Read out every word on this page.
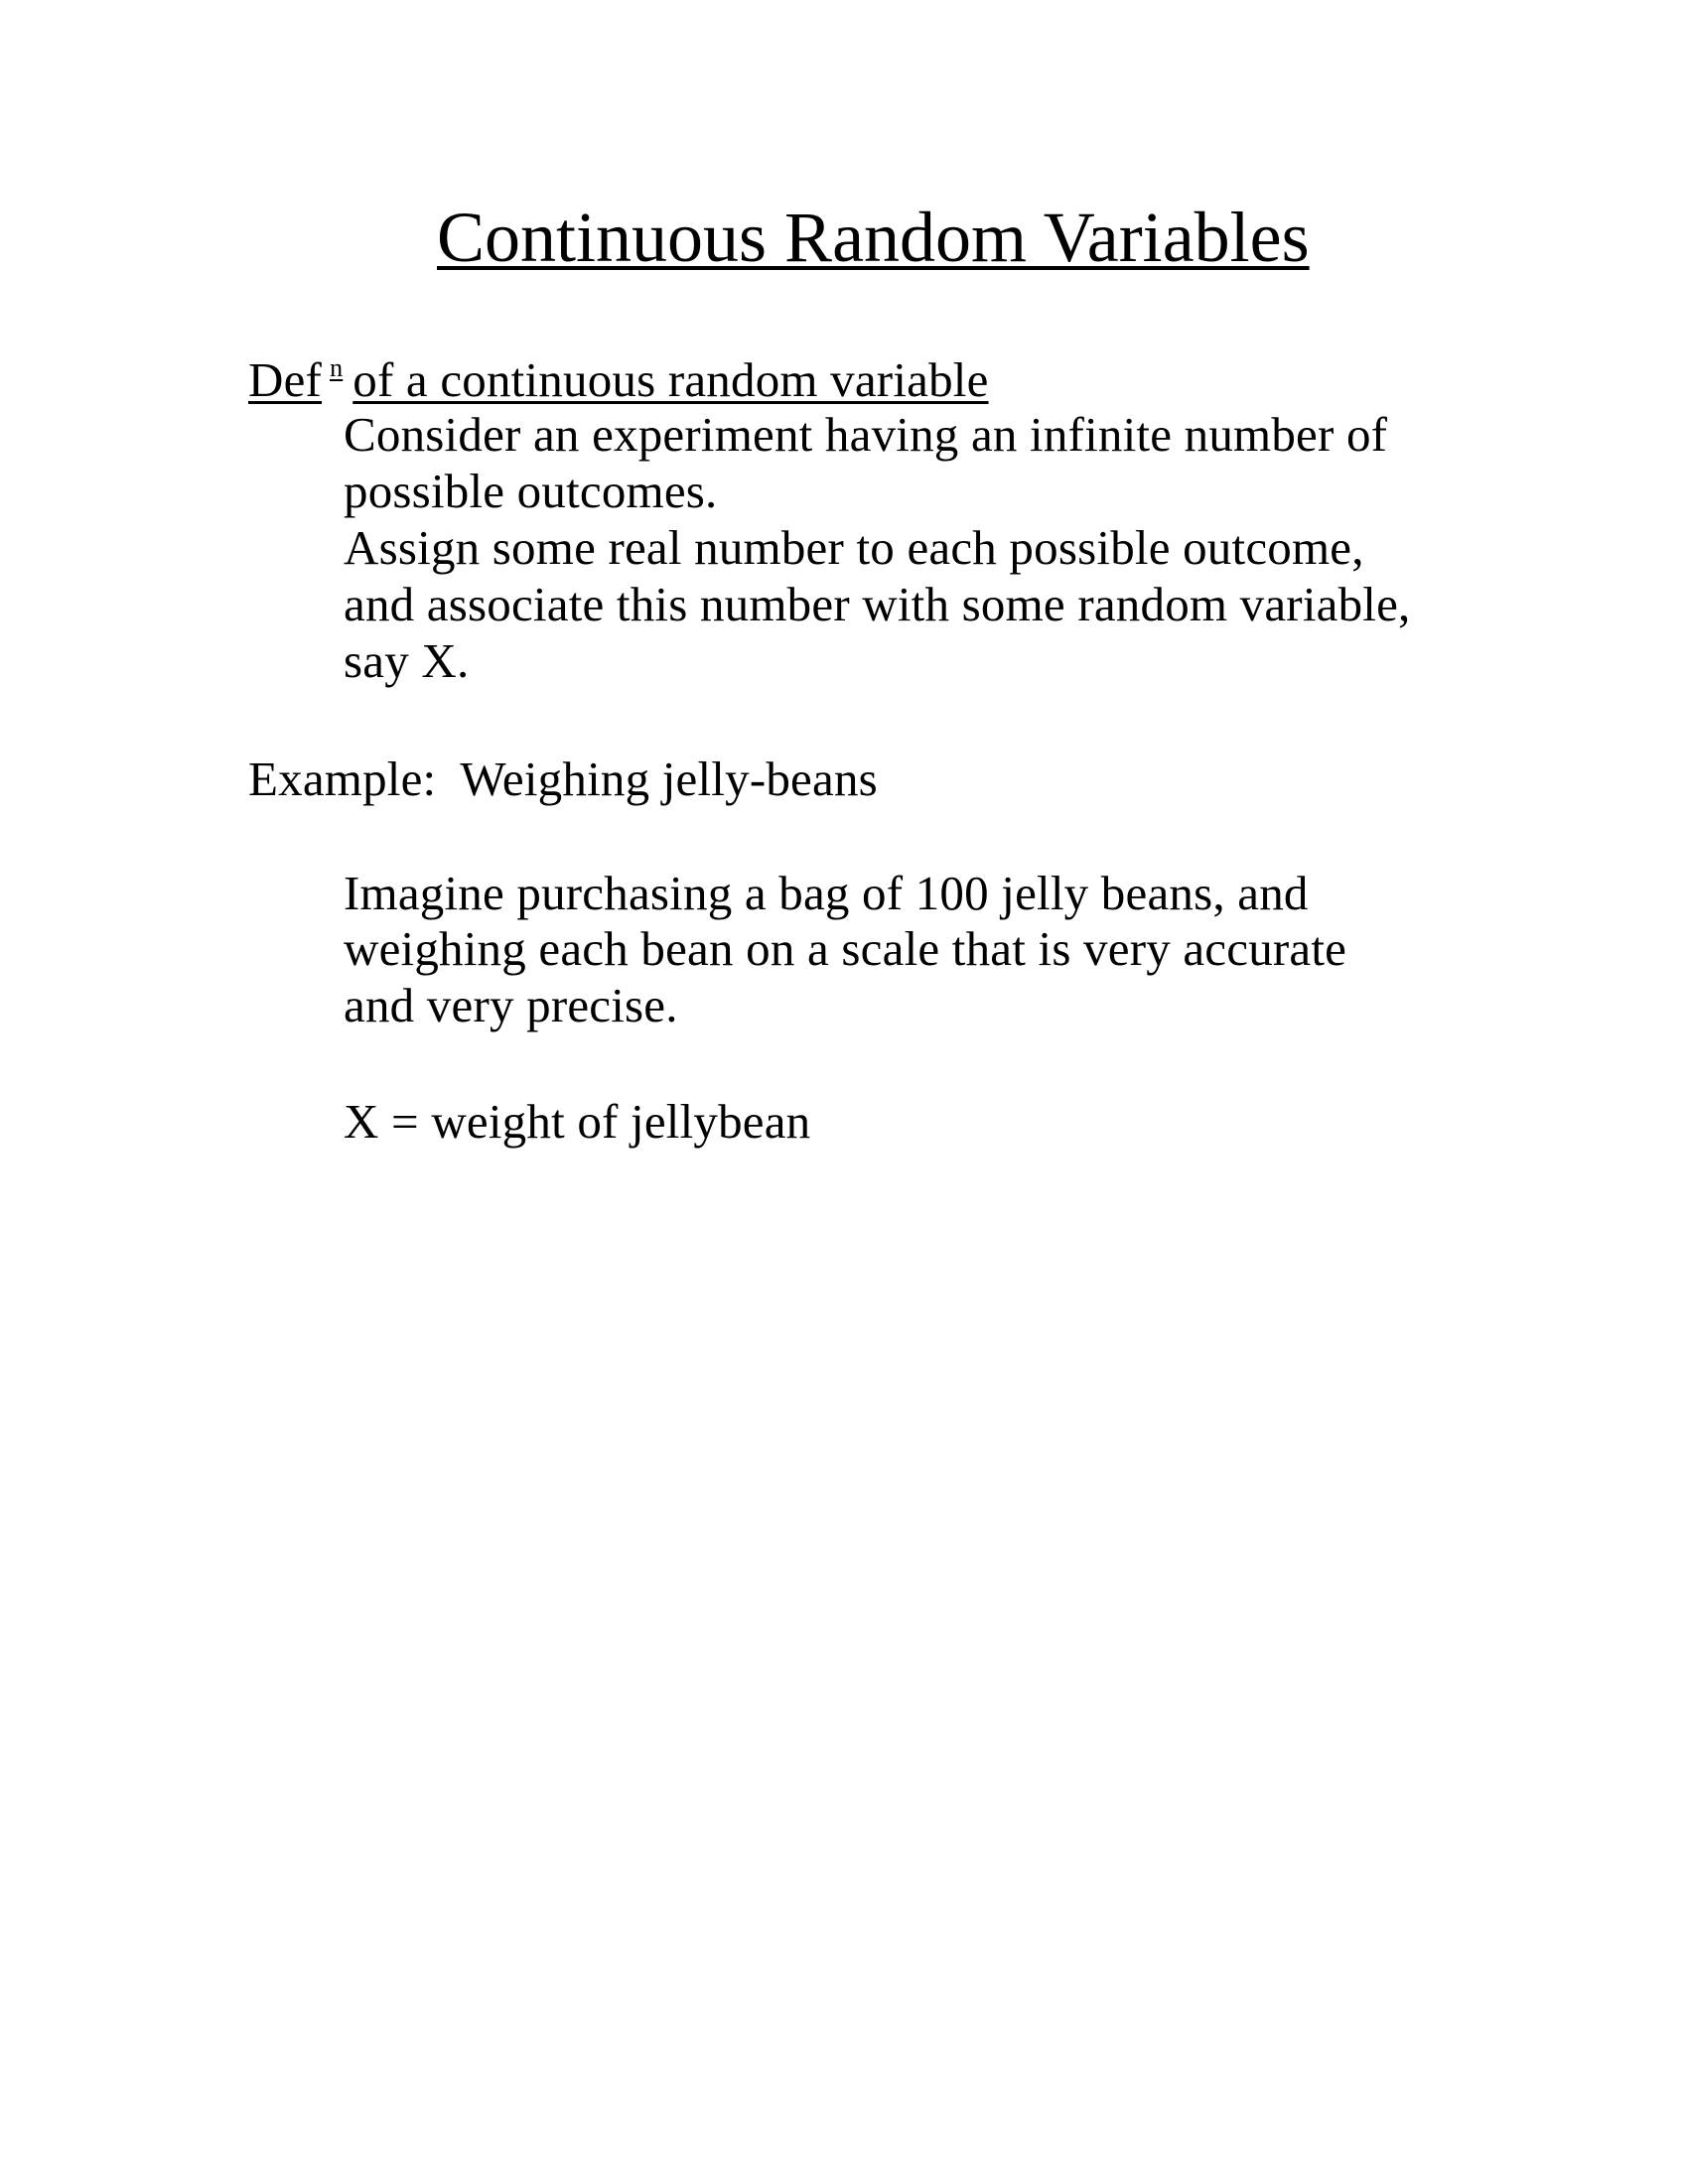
Continuous Random Variables
Def $^n$ of a continuous random variable
Consider an experiment having an infinite number of
possible outcomes.
Assign some real number to each possible outcome,
and associate this number with some random variable,
say X.
Example:  Weighing jelly-beans
Imagine purchasing a bag of 100 jelly beans, and
weighing each bean on a scale that is very accurate
and very precise.
X = weight of jellybean
